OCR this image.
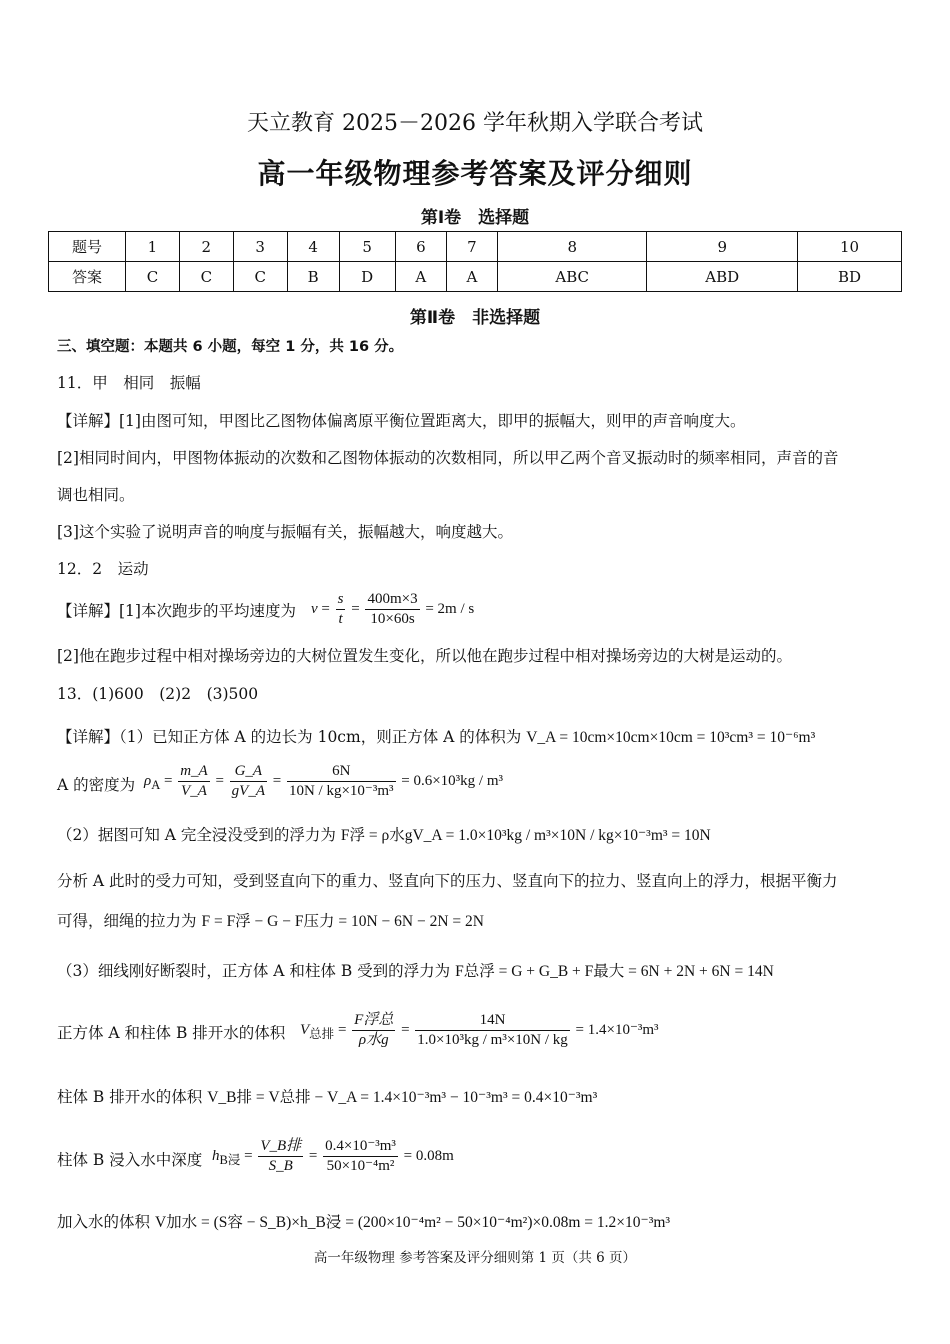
天立教育 2025－2026 学年秋期入学联合考试
高一年级物理参考答案及评分细则
第Ⅰ卷　选择题
题号	1	2	3	4	5	6	7	8	9	10
答案	C	C	C	B	D	A	A	ABC	ABD	BD
第Ⅱ卷　非选择题
三、填空题：本题共 6 小题，每空 1 分，共 16 分。
11．甲　相同　振幅
【详解】[1]由图可知，甲图比乙图物体偏离原平衡位置距离大，即甲的振幅大，则甲的声音响度大。
[2]相同时间内，甲图物体振动的次数和乙图物体振动的次数相同，所以甲乙两个音叉振动时的频率相同，声音的音
调也相同。
[3]这个实验了说明声音的响度与振幅有关，振幅越大，响度越大。
12．2　运动
【详解】[1]本次跑步的平均速度为 $v = \frac{s}{t} = \frac{400m\times 3}{10\times 60s} = 2m / s$
[2]他在跑步过程中相对操场旁边的大树位置发生变化，所以他在跑步过程中相对操场旁边的大树是运动的。
13．(1)600　(2)2　(3)500
【详解】（1）已知正方体 A 的边长为 10cm，则正方体 A 的体积为 V_A = 10cm×10cm×10cm = 10³cm³ = 10⁻⁶m³
A 的密度为 $\rho_A = \frac{m\_A}{V\_A} = \frac{G\_A}{gV\_A} = \frac{6N}{\text{10N / kg×10⁻³m³}} = 0.6\times 10^3kg / m^3$
（2）据图可知 A 完全浸没受到的浮力为 F浮 = ρ水gV_A = 1.0×10³kg / m³×10N / kg×10⁻³m³ = 10N
分析 A 此时的受力可知，受到竖直向下的重力、竖直向下的压力、竖直向下的拉力、竖直向上的浮力，根据平衡力
可得，细绳的拉力为 F = F浮 − G − F压力 = 10N − 6N − 2N = 2N
（3）细线刚好断裂时，正方体 A 和柱体 B 受到的浮力为 F总浮 = G + G_B + F最大 = 6N + 2N + 6N = 14N
正方体 A 和柱体 B 排开水的体积 $V_{总排} = \frac{\text{F浮总}}{\text{ρ水g}} = \frac{14N}{\text{1.0×10³kg / m³×10N / kg}} = 1.4\times 10^{-3}m^3$
柱体 B 排开水的体积 V_B排 = V总排 − V_A = 1.4×10⁻³m³ − 10⁻³m³ = 0.4×10⁻³m³
柱体 B 浸入水中深度 $h_{B浸} = \frac{\text{V\_B排}}{S\_B} = \frac{\text{0.4×10⁻³m³}}{\text{50×10⁻⁴m²}} = 0.08m$
加入水的体积 V加水 = (S容 − S_B)×h_B浸 = (200×10⁻⁴m² − 50×10⁻⁴m²)×0.08m = 1.2×10⁻³m³
高一年级物理 参考答案及评分细则第 1 页（共 6 页）
